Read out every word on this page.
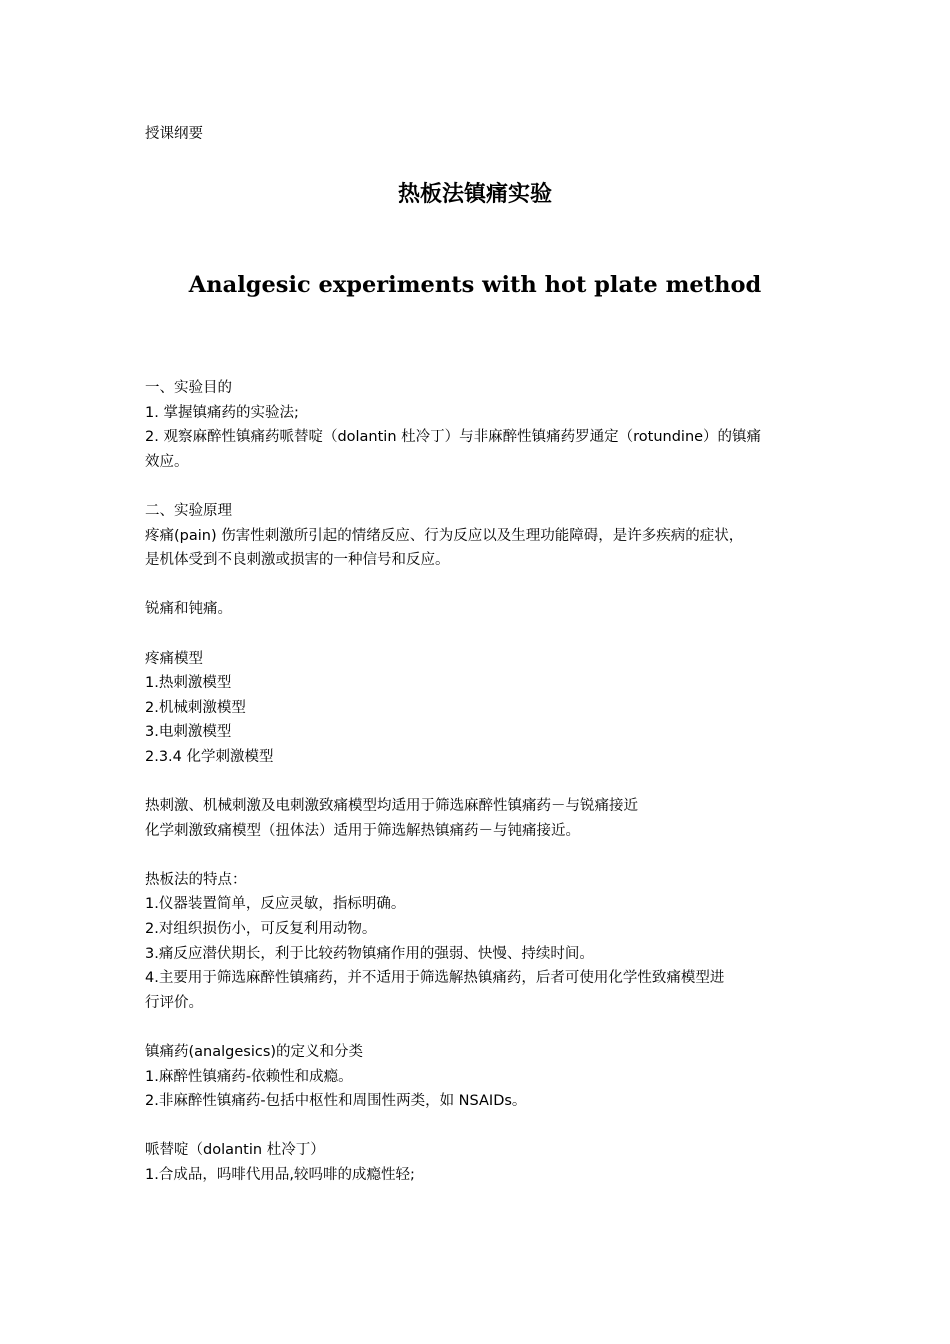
授课纲要

热板法镇痛实验
Analgesic experiments with hot plate method

一、实验目的

1. 掌握镇痛药的实验法;

2. 观察麻醉性镇痛药哌替啶（dolantin 杜冷丁）与非麻醉性镇痛药罗通定（rotundine）的镇痛

效应。

二、实验原理

疼痛(pain) 伤害性刺激所引起的情绪反应、行为反应以及生理功能障碍，是许多疾病的症状，

是机体受到不良刺激或损害的一种信号和反应。

锐痛和钝痛。

疼痛模型

1.热刺激模型

2.机械刺激模型

3.电刺激模型

2.3.4 化学刺激模型

热刺激、机械刺激及电刺激致痛模型均适用于筛选麻醉性镇痛药－与锐痛接近

化学刺激致痛模型（扭体法）适用于筛选解热镇痛药－与钝痛接近。

热板法的特点：

1.仪器装置简单，反应灵敏，指标明确。

2.对组织损伤小，可反复利用动物。

3.痛反应潜伏期长，利于比较药物镇痛作用的强弱、快慢、持续时间。

4.主要用于筛选麻醉性镇痛药，并不适用于筛选解热镇痛药，后者可使用化学性致痛模型进

行评价。

镇痛药(analgesics)的定义和分类

1.麻醉性镇痛药-依赖性和成瘾。

2.非麻醉性镇痛药-包括中枢性和周围性两类，如 NSAIDs。

哌替啶（dolantin 杜冷丁）

1.合成品，吗啡代用品,较吗啡的成瘾性轻;
